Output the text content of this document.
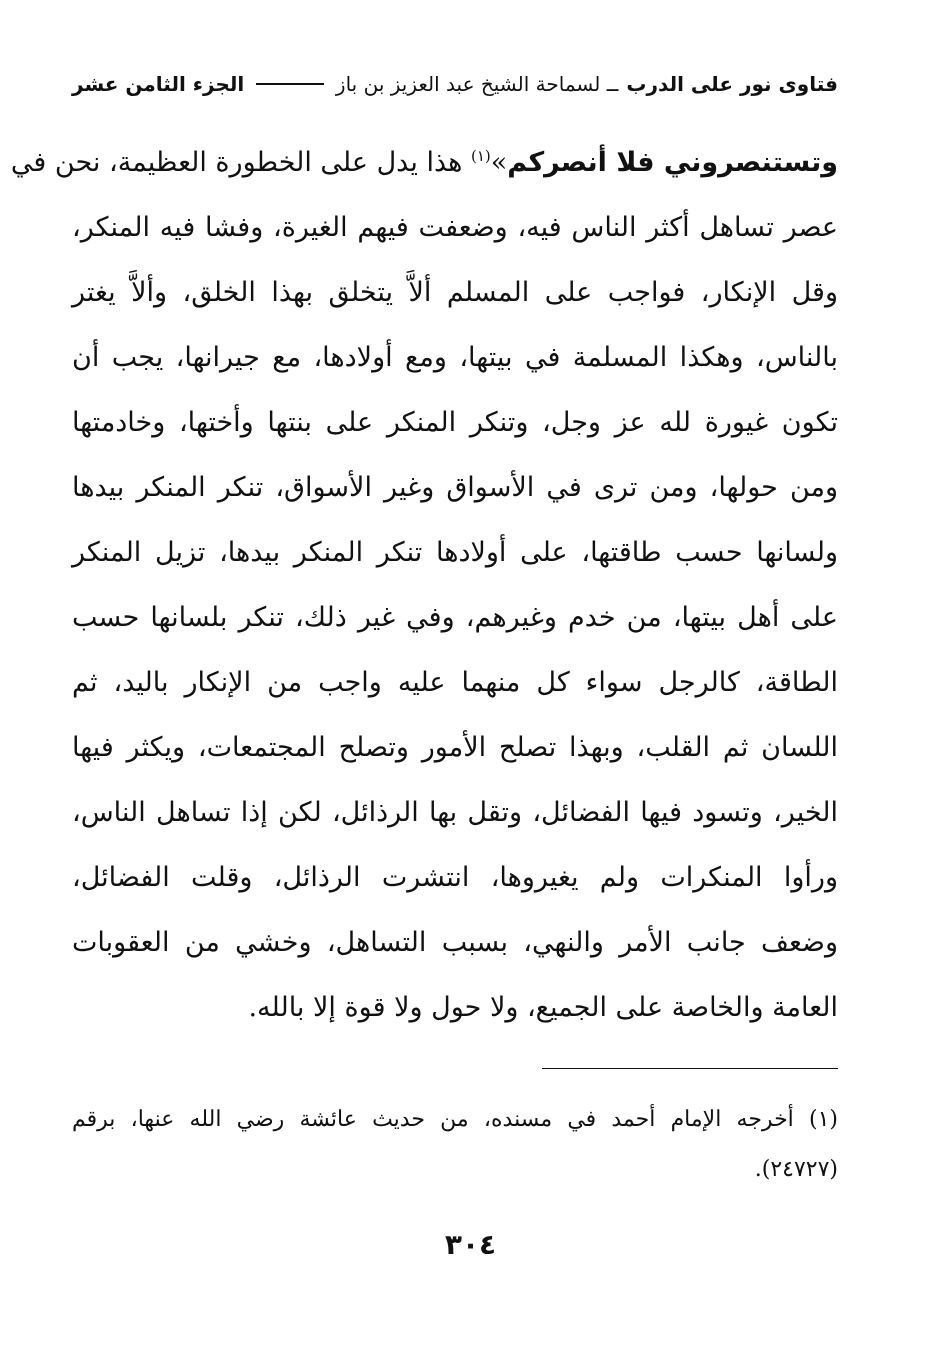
فتاوى نور على الدرب
ــ لسماحة الشيخ عبد العزيز بن باز
الجزء الثامن عشر
وتستنصروني فلا أنصركم»$^{(١)}$ هذا يدل على الخطورة العظيمة، نحن في
عصر تساهل أكثر الناس فيه، وضعفت فيهم الغيرة، وفشا فيه المنكر،
وقل الإنكار، فواجب على المسلم ألاَّ يتخلق بهذا الخلق، وألاَّ يغتر
بالناس، وهكذا المسلمة في بيتها، ومع أولادها، مع جيرانها، يجب أن
تكون غيورة لله عز وجل، وتنكر المنكر على بنتها وأختها، وخادمتها
ومن حولها، ومن ترى في الأسواق وغير الأسواق، تنكر المنكر بيدها
ولسانها حسب طاقتها، على أولادها تنكر المنكر بيدها، تزيل المنكر
على أهل بيتها، من خدم وغيرهم، وفي غير ذلك، تنكر بلسانها حسب
الطاقة، كالرجل سواء كل منهما عليه واجب من الإنكار باليد، ثم
اللسان ثم القلب، وبهذا تصلح الأمور وتصلح المجتمعات، ويكثر فيها
الخير، وتسود فيها الفضائل، وتقل بها الرذائل، لكن إذا تساهل الناس،
ورأوا المنكرات ولم يغيروها، انتشرت الرذائل، وقلت الفضائل،
وضعف جانب الأمر والنهي، بسبب التساهل، وخشي من العقوبات
العامة والخاصة على الجميع، ولا حول ولا قوة إلا بالله.
(١) أخرجه الإمام أحمد في مسنده، من حديث عائشة رضي الله عنها، برقم
(٢٤٧٢٧).
٣٠٤
